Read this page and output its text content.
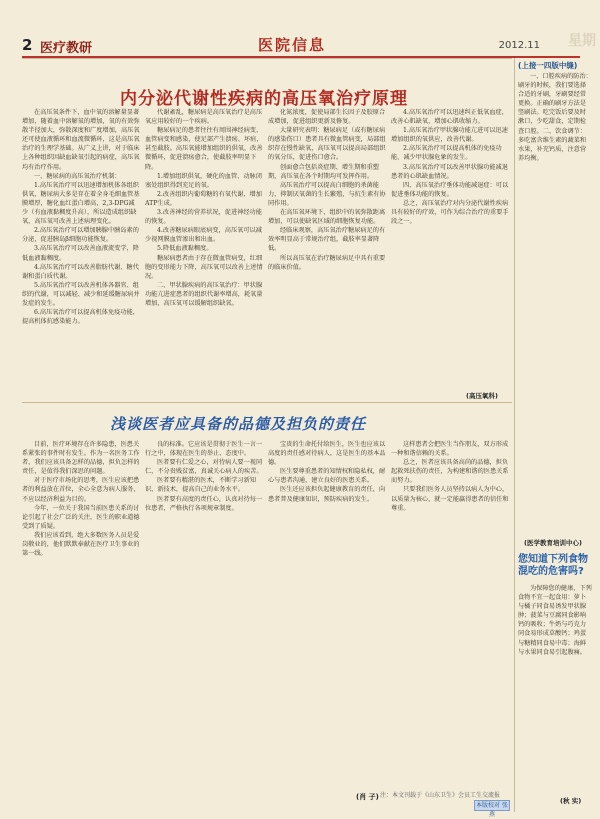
星期
2 医疗教研	医院信息	2012.11
内分泌代谢性疾病的高压氧治疗原理

在高压氧条件下，血中氧的溶解量显著增加，随着血中溶解氧的增加，氧的有效弥散半径加大，弥散深度和广度增加，高压氧还可使血液循环和血流微循环，这是高压氧治疗的生理学基础。从广义上讲，对于临床上各种组织因缺血缺氧引起的病症，高压氧均有治疗作用。

一、糖尿病的高压氧治疗机制：

1.高压氧治疗可以迅速增加机体各组织供氧，糖尿病大多是存在着全身毛细血管基膜增厚，糖化血红蛋白增高，2,3-DPG减少（有血液黏稠度升高），所以造成组织缺氧，高压氧可改善上述病理变化。

2.高压氧治疗可以增加胰腺中胰岛素的分泌，促进胰岛β细胞功能恢复。

3.高压氧治疗可以改善血液流变学，降低血液黏稠度。

4.高压氧治疗可以改善脂肪代谢、糖代谢和蛋白质代谢。

5.高压氧治疗可以改善机体各器官、组织的代谢，可以减轻、减少和延缓糖尿病并发症的发生。

6.高压氧治疗可以提高机体免疫功能，提高机体抗感染能力。

代谢紊乱，糖尿病是高压氧治疗是高压氧应用较好的一个疾病。

糖尿病足的患者往往有周围神经病变、血管病变和感染，使足部产生溃疡、坏疽，甚至截肢。高压氧能增加组织的供氧，改善微循环，促进溃疡愈合，使截肢率明显下降。

1.增加组织供氧，硬化的血管、动脉闭塞处组织得到充足的氧。

2.改善组织内葡萄糖的有氧代谢，增加ATP生成。

3.改善神经的营养状况，促进神经功能的恢复。

4.改善糖尿病眼底病变，高压氧可以减少视网膜血管渗出和出血。

5.降低血液黏稠度。

糖尿病患者由于存在微血管病变，红细胞的变形能力下降，高压氧可以改善上述情况。

二、甲状腺疾病的高压氧治疗：甲状腺功能亢进症患者的组织代谢率增高，耗氧量增加，高压氧可以缓解组织缺氧。

化氮浓度，促使局部生长因子及胶原合成增加，促进组织更新及修复。

大量研究表明：糖尿病足（或有糖尿病的感染伤口）患者具有微血管病变，局部组织存在慢性缺氧，高压氧可以提高局部组织的氧分压，促进伤口愈合。

创面愈合包括炎症期、增生期和重塑期，高压氧在各个时期均可发挥作用。

高压氧治疗可以提高白细胞的杀菌能力，抑制厌氧菌的生长繁殖，与抗生素有协同作用。

在高压氧环境下，组织中的氧弥散距离增加，可以使缺氧区域的细胞恢复功能。

经临床观察，高压氧治疗糖尿病足的有效率明显高于常规治疗组，截肢率显著降低。

所以高压氧在治疗糖尿病足中具有重要的临床价值。

4.高压氧治疗可以迅速纠正低氧血症，改善心肌缺氧，增加心肌收缩力。

1.高压氧治疗甲状腺功能亢进可以迅速增加组织的氧供应，改善代谢。

2.高压氧治疗可以提高机体的免疫功能，减少甲状腺危象的发生。

3.高压氧治疗可以改善甲状腺功能减退患者的心肌缺血情况。

四、高压氧治疗垂体功能减退症：可以促进垂体功能的恢复。

总之，高压氧治疗对内分泌代谢性疾病具有较好的疗效，可作为综合治疗的重要手段之一。

(高压氧科)
浅谈医者应具备的品德及担负的责任

目前，医疗环境存在许多隐患，医患关系紧张的事件时有发生。作为一名医务工作者，我们应该具备怎样的品德，担负怎样的责任，是值得我们深思的问题。

对于医疗市场化的思考，医生应该把患者的利益放在首位，全心全意为病人服务，不应以经济利益为目的。

今年，一位关于我国当前医患关系的讨论引起了社会广泛的关注，医生的职业道德受到了质疑。

我们应该看到，绝大多数医务人员是爱岗敬业的，他们默默奉献在医疗卫生事业的第一线。

良的标准。它应该是贯彻于医生一言一行之中，体现在医生的举止、态度中。

医者要有仁爱之心，对待病人要一视同仁，不分贵贱贫富，真诚关心病人的疾苦。

医者要有精湛的医术，不断学习新知识、新技术，提高自己的业务水平。

医者要有高度的责任心，认真对待每一位患者，严格执行各项规章制度。

宝贵的生命托付给医生，医生也应该以高度的责任感对待病人，这是医生的基本品德。

医生要尊重患者的知情权和隐私权，耐心与患者沟通，建立良好的医患关系。

医生还应该担负起健康教育的责任，向患者普及健康知识，预防疾病的发生。

这样患者会把医生当作朋友，双方形成一种和谐信赖的关系。

总之，医者应该具备高尚的品德，担负起救死扶伤的责任，为构建和谐的医患关系而努力。

只要我们医务人员坚持以病人为中心，以质量为核心，就一定能赢得患者的信任和尊重。

(肖 子) 注：本文刊载于《山东卫生》会员工生交流报
本版校对 张燕
(上接一四版中缝)

一、口腔疾病的防治：刷牙的时候，我们要选择合适的牙刷，牙刷要经常更换。正确的刷牙方法是竖刷法。吃完饭后要及时漱口，少吃甜食，定期检查口腔。二、饮食调节：多吃富含维生素的蔬菜和水果，补充钙质，注意营养均衡。

(医学教育培训中心)
您知道下列食物混吃的危害吗?

为保障您的健康，下列食物不宜一起食用：萝卜与橘子同食易诱发甲状腺肿；菠菜与豆腐同食影响钙的吸收；牛奶与巧克力同食易形成草酸钙；鸡蛋与糖精同食易中毒；海鲜与水果同食易引起腹痛。

(秋 实)
